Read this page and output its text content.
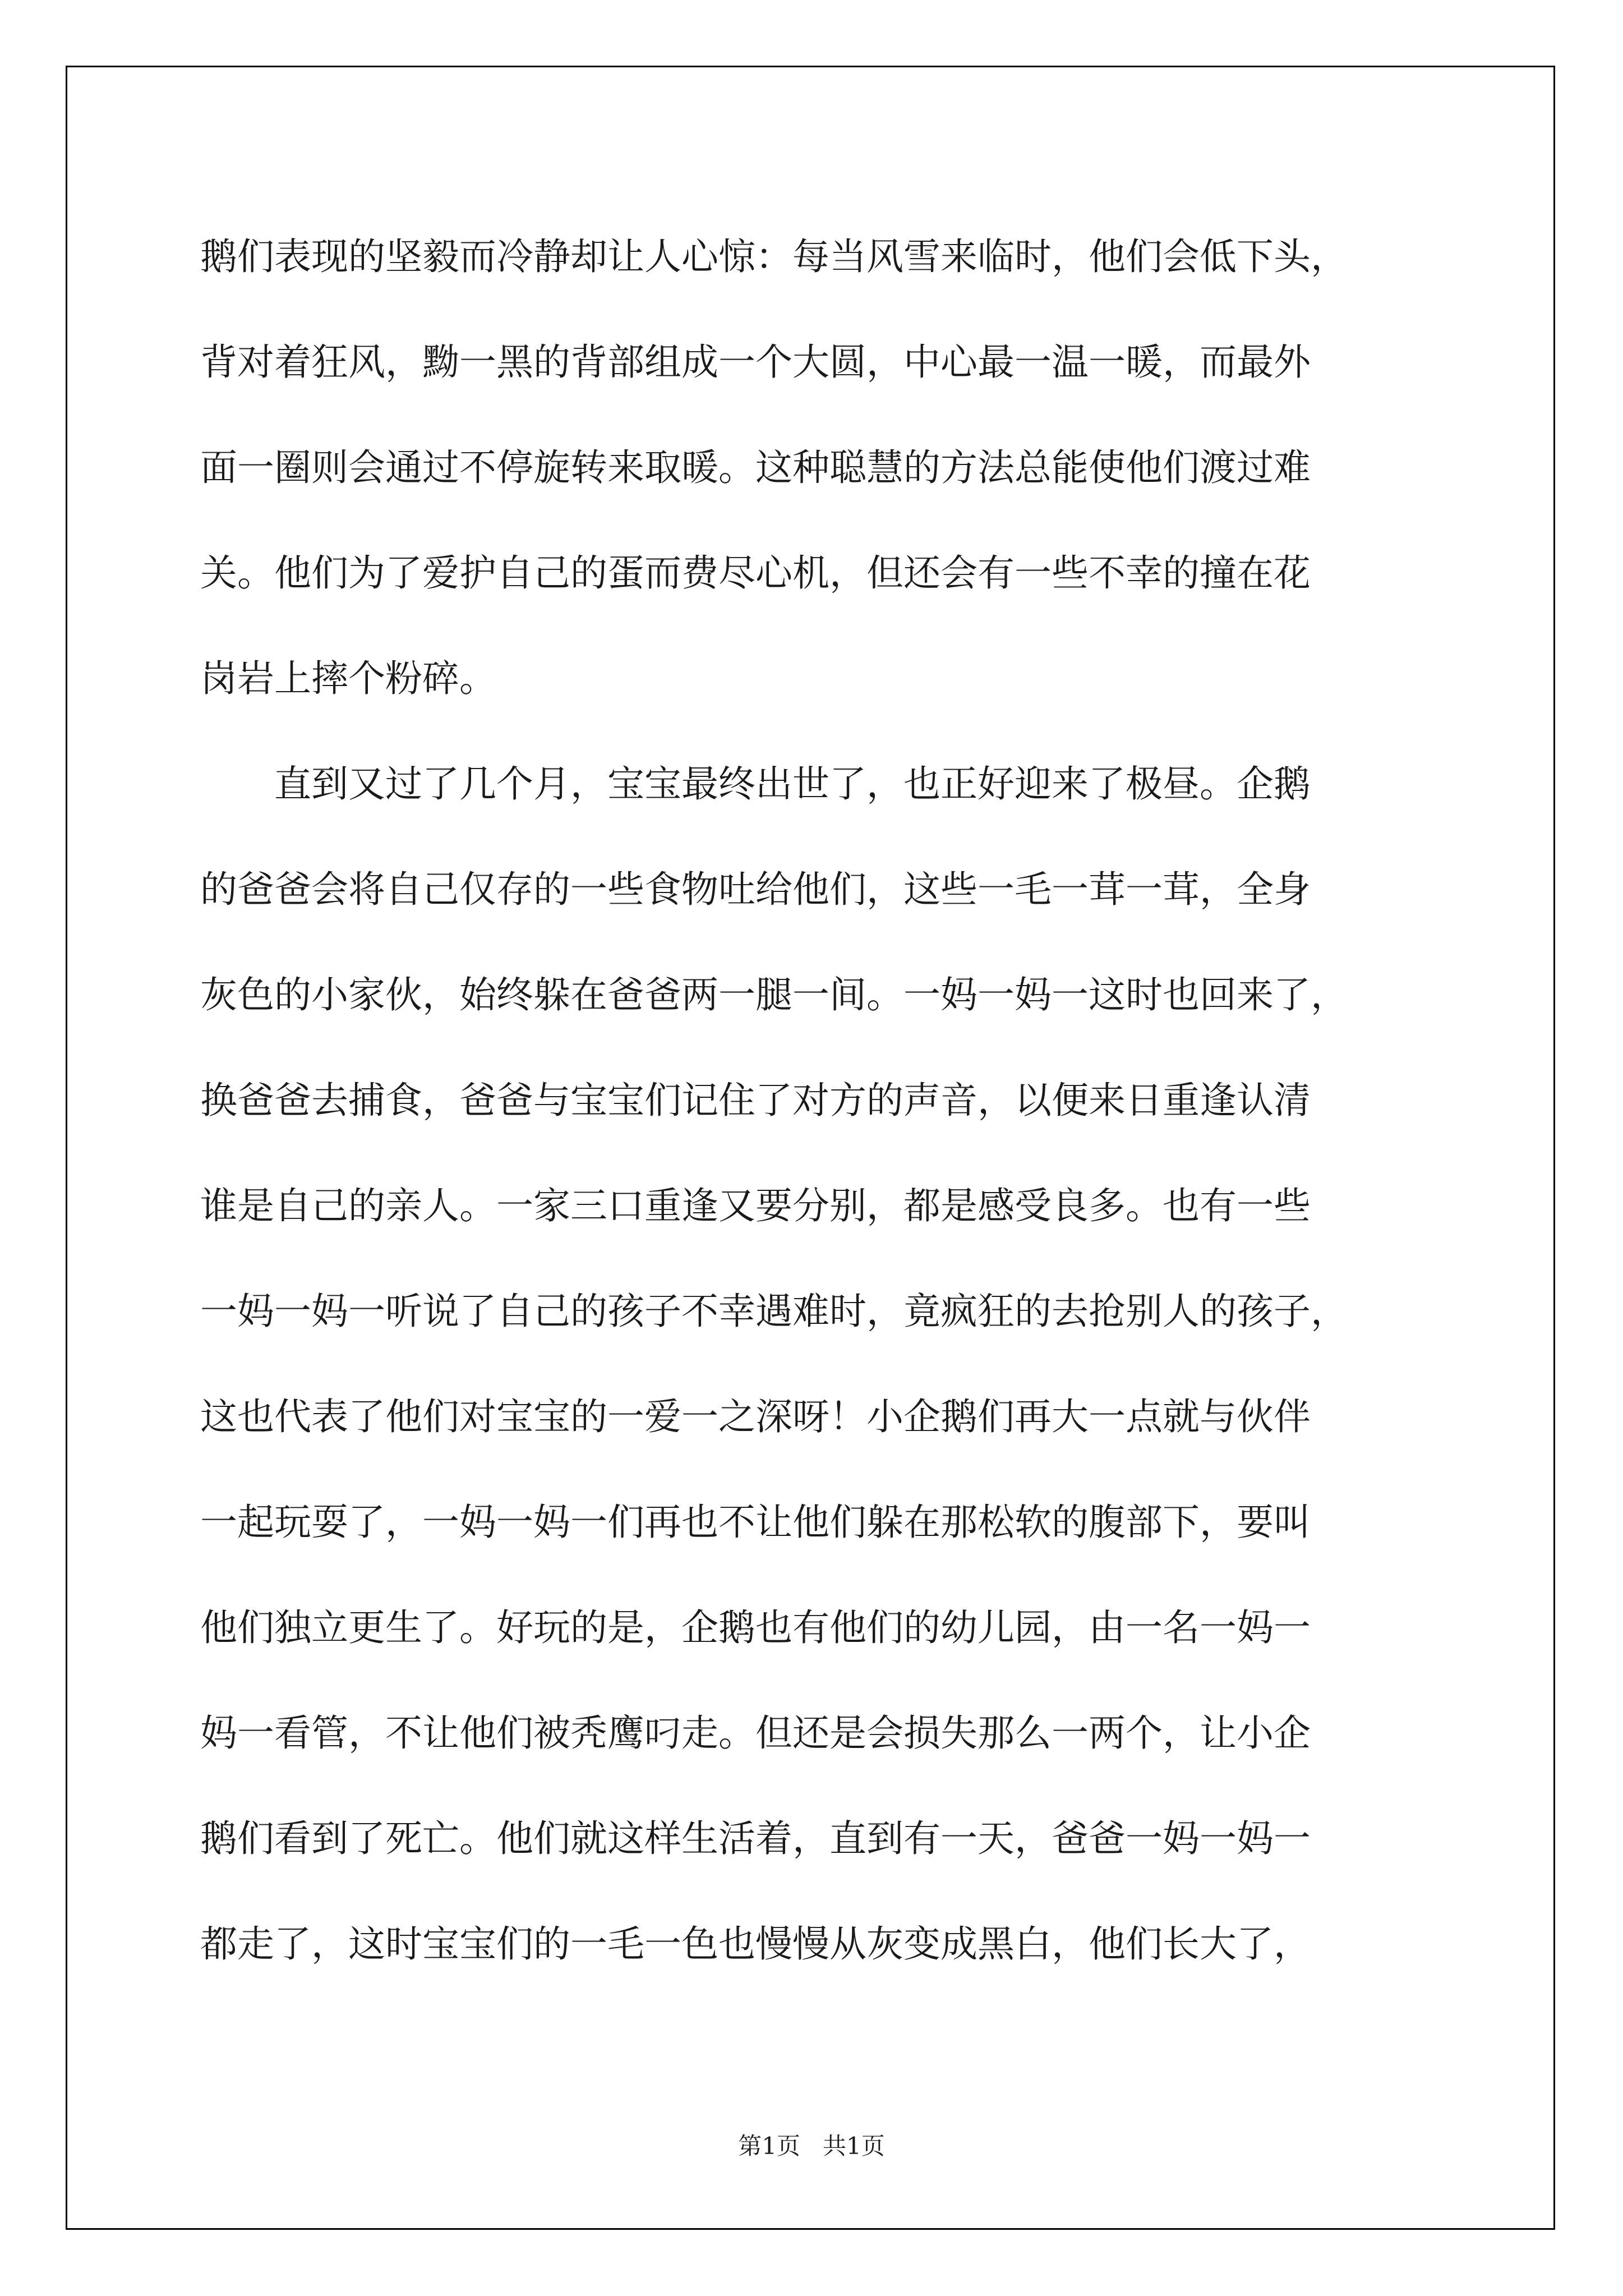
鹅们表现的坚毅而冷静却让人心惊：每当风雪来临时，他们会低下头，
背对着狂风，黝一黑的背部组成一个大圆，中心最一温一暖，而最外
面一圈则会通过不停旋转来取暖。这种聪慧的方法总能使他们渡过难
关。他们为了爱护自己的蛋而费尽心机，但还会有一些不幸的撞在花
岗岩上摔个粉碎。
　　直到又过了几个月，宝宝最终出世了，也正好迎来了极昼。企鹅
的爸爸会将自己仅存的一些食物吐给他们，这些一毛一茸一茸，全身
灰色的小家伙，始终躲在爸爸两一腿一间。一妈一妈一这时也回来了，
换爸爸去捕食，爸爸与宝宝们记住了对方的声音，以便来日重逢认清
谁是自己的亲人。一家三口重逢又要分别，都是感受良多。也有一些
一妈一妈一听说了自己的孩子不幸遇难时，竟疯狂的去抢别人的孩子，
这也代表了他们对宝宝的一爱一之深呀！小企鹅们再大一点就与伙伴
一起玩耍了，一妈一妈一们再也不让他们躲在那松软的腹部下，要叫
他们独立更生了。好玩的是，企鹅也有他们的幼儿园，由一名一妈一
妈一看管，不让他们被秃鹰叼走。但还是会损失那么一两个，让小企
鹅们看到了死亡。他们就这样生活着，直到有一天，爸爸一妈一妈一
都走了，这时宝宝们的一毛一色也慢慢从灰变成黑白，他们长大了，
第1页   共1页
